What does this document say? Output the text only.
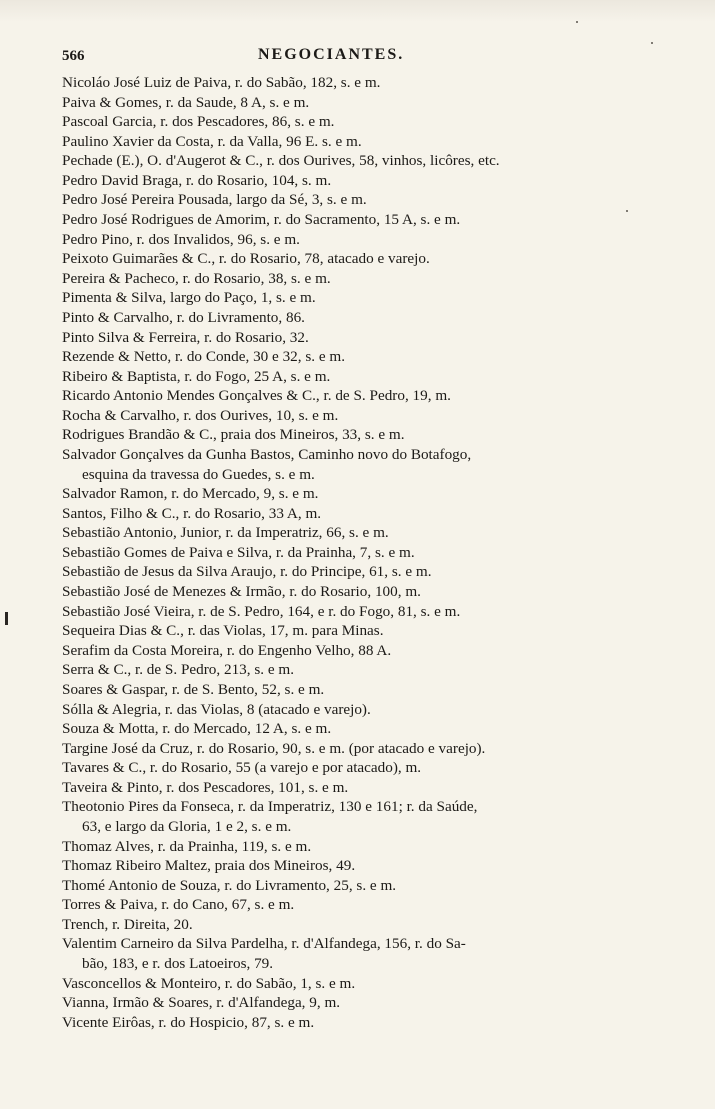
566	NEGOCIANTES.
Nicoláo José Luiz de Paiva, r. do Sabão, 182, s. e m.
Paiva & Gomes, r. da Saude, 8 A, s. e m.
Pascoal Garcia, r. dos Pescadores, 86, s. e m.
Paulino Xavier da Costa, r. da Valla, 96 E. s. e m.
Pechade (E.), O. d'Augerot & C., r. dos Ourives, 58, vinhos, licôres, etc.
Pedro David Braga, r. do Rosario, 104, s. m.
Pedro José Pereira Pousada, largo da Sé, 3, s. e m.
Pedro José Rodrigues de Amorim, r. do Sacramento, 15 A, s. e m.
Pedro Pino, r. dos Invalidos, 96, s. e m.
Peixoto Guimarães & C., r. do Rosario, 78, atacado e varejo.
Pereira & Pacheco, r. do Rosario, 38, s. e m.
Pimenta & Silva, largo do Paço, 1, s. e m.
Pinto & Carvalho, r. do Livramento, 86.
Pinto Silva & Ferreira, r. do Rosario, 32.
Rezende & Netto, r. do Conde, 30 e 32, s. e m.
Ribeiro & Baptista, r. do Fogo, 25 A, s. e m.
Ricardo Antonio Mendes Gonçalves & C., r. de S. Pedro, 19, m.
Rocha & Carvalho, r. dos Ourives, 10, s. e m.
Rodrigues Brandão & C., praia dos Mineiros, 33, s. e m.
Salvador Gonçalves da Gunha Bastos, Caminho novo do Botafogo,
esquina da travessa do Guedes, s. e m.
Salvador Ramon, r. do Mercado, 9, s. e m.
Santos, Filho & C., r. do Rosario, 33 A, m.
Sebastião Antonio, Junior, r. da Imperatriz, 66, s. e m.
Sebastião Gomes de Paiva e Silva, r. da Prainha, 7, s. e m.
Sebastião de Jesus da Silva Araujo, r. do Principe, 61, s. e m.
Sebastião José de Menezes & Irmão, r. do Rosario, 100, m.
Sebastião José Vieira, r. de S. Pedro, 164, e r. do Fogo, 81, s. e m.
Sequeira Dias & C., r. das Violas, 17, m. para Minas.
Serafim da Costa Moreira, r. do Engenho Velho, 88 A.
Serra & C., r. de S. Pedro, 213, s. e m.
Soares & Gaspar, r. de S. Bento, 52, s. e m.
Sólla & Alegria, r. das Violas, 8 (atacado e varejo).
Souza & Motta, r. do Mercado, 12 A, s. e m.
Targine José da Cruz, r. do Rosario, 90, s. e m. (por atacado e varejo).
Tavares & C., r. do Rosario, 55 (a varejo e por atacado), m.
Taveira & Pinto, r. dos Pescadores, 101, s. e m.
Theotonio Pires da Fonseca, r. da Imperatriz, 130 e 161; r. da Saúde,
63, e largo da Gloria, 1 e 2, s. e m.
Thomaz Alves, r. da Prainha, 119, s. e m.
Thomaz Ribeiro Maltez, praia dos Mineiros, 49.
Thomé Antonio de Souza, r. do Livramento, 25, s. e m.
Torres & Paiva, r. do Cano, 67, s. e m.
Trench, r. Direita, 20.
Valentim Carneiro da Silva Pardelha, r. d'Alfandega, 156, r. do Sa-
bão, 183, e r. dos Latoeiros, 79.
Vasconcellos & Monteiro, r. do Sabão, 1, s. e m.
Vianna, Irmão & Soares, r. d'Alfandega, 9, m.
Vicente Eirôas, r. do Hospicio, 87, s. e m.
